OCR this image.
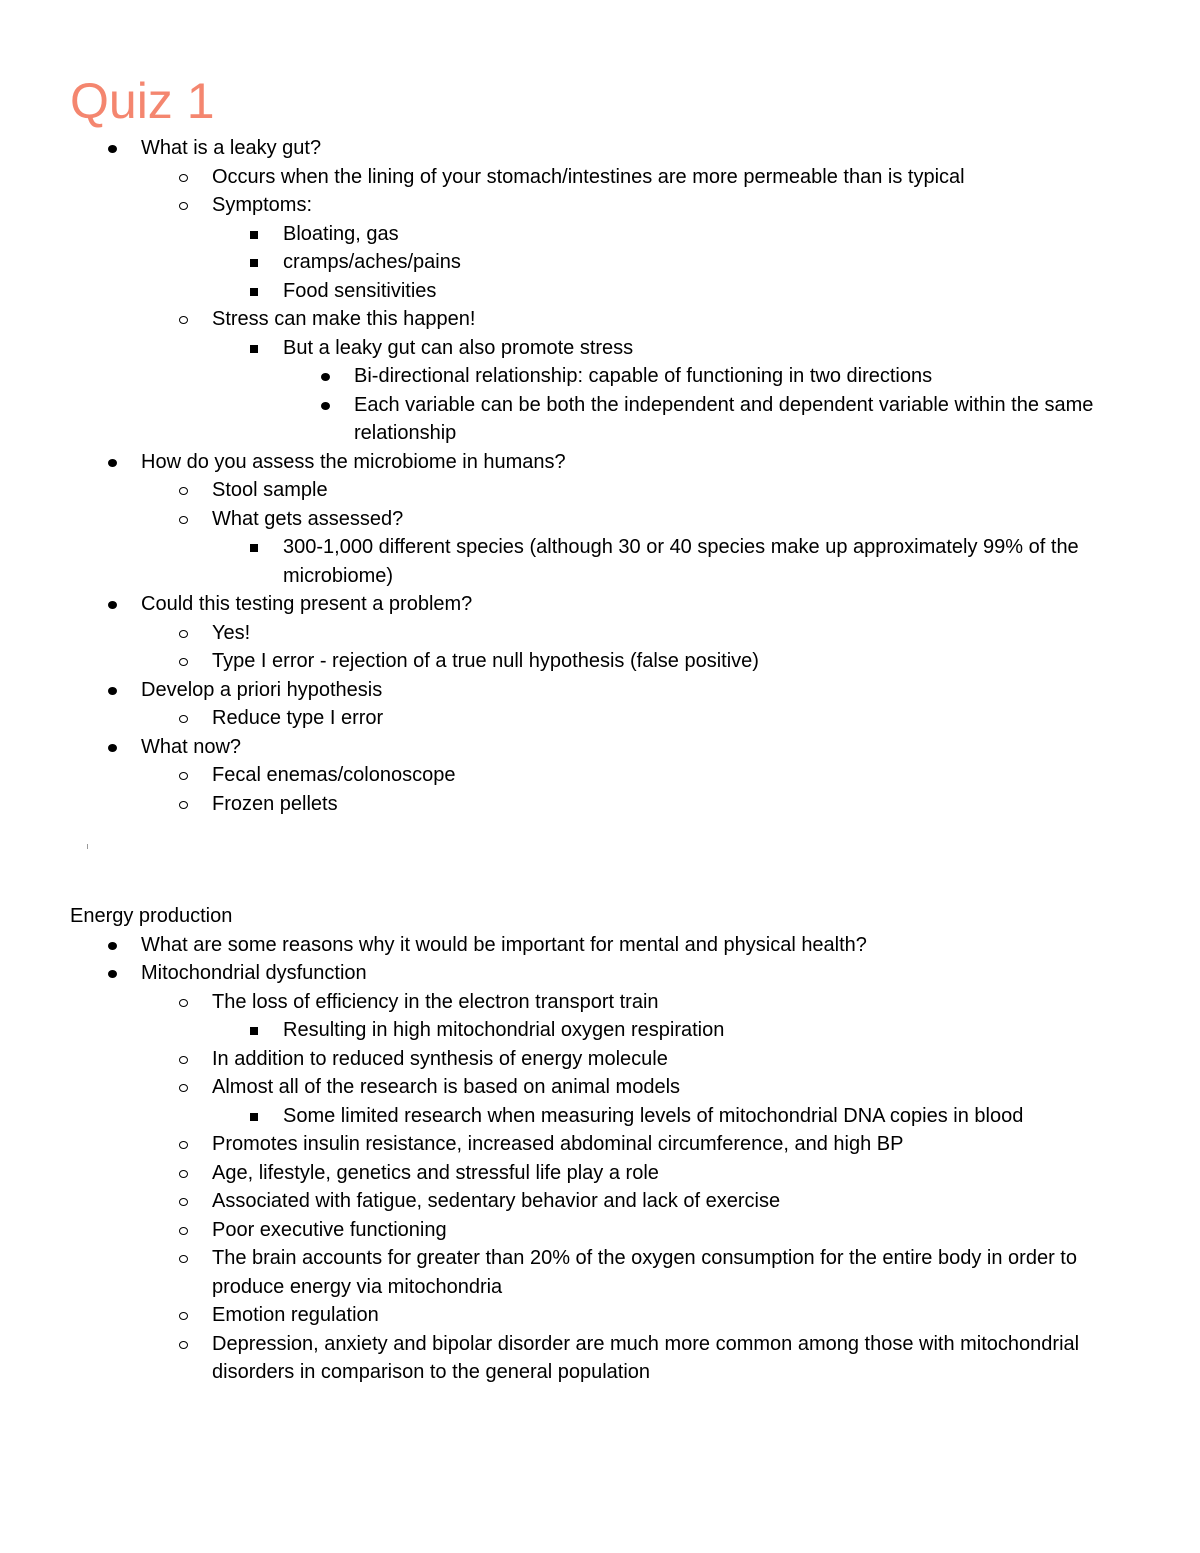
Quiz 1
What is a leaky gut?
Occurs when the lining of your stomach/intestines are more permeable than is typical
Symptoms:
Bloating, gas
cramps/aches/pains
Food sensitivities
Stress can make this happen!
But a leaky gut can also promote stress
Bi-directional relationship: capable of functioning in two directions
Each variable can be both the independent and dependent variable within the same relationship
How do you assess the microbiome in humans?
Stool sample
What gets assessed?
300-1,000 different species (although 30 or 40 species make up approximately 99% of the microbiome)
Could this testing present a problem?
Yes!
Type I error - rejection of a true null hypothesis (false positive)
Develop a priori hypothesis
Reduce type I error
What now?
Fecal enemas/colonoscope
Frozen pellets

Energy production

What are some reasons why it would be important for mental and physical health?
Mitochondrial dysfunction
The loss of efficiency in the electron transport train
Resulting in high mitochondrial oxygen respiration
In addition to reduced synthesis of energy molecule
Almost all of the research is based on animal models
Some limited research when measuring levels of mitochondrial DNA copies in blood
Promotes insulin resistance, increased abdominal circumference, and high BP
Age, lifestyle, genetics and stressful life play a role
Associated with fatigue, sedentary behavior and lack of exercise
Poor executive functioning
The brain accounts for greater than 20% of the oxygen consumption for the entire body in order to produce energy via mitochondria
Emotion regulation
Depression, anxiety and bipolar disorder are much more common among those with mitochondrial disorders in comparison to the general population
